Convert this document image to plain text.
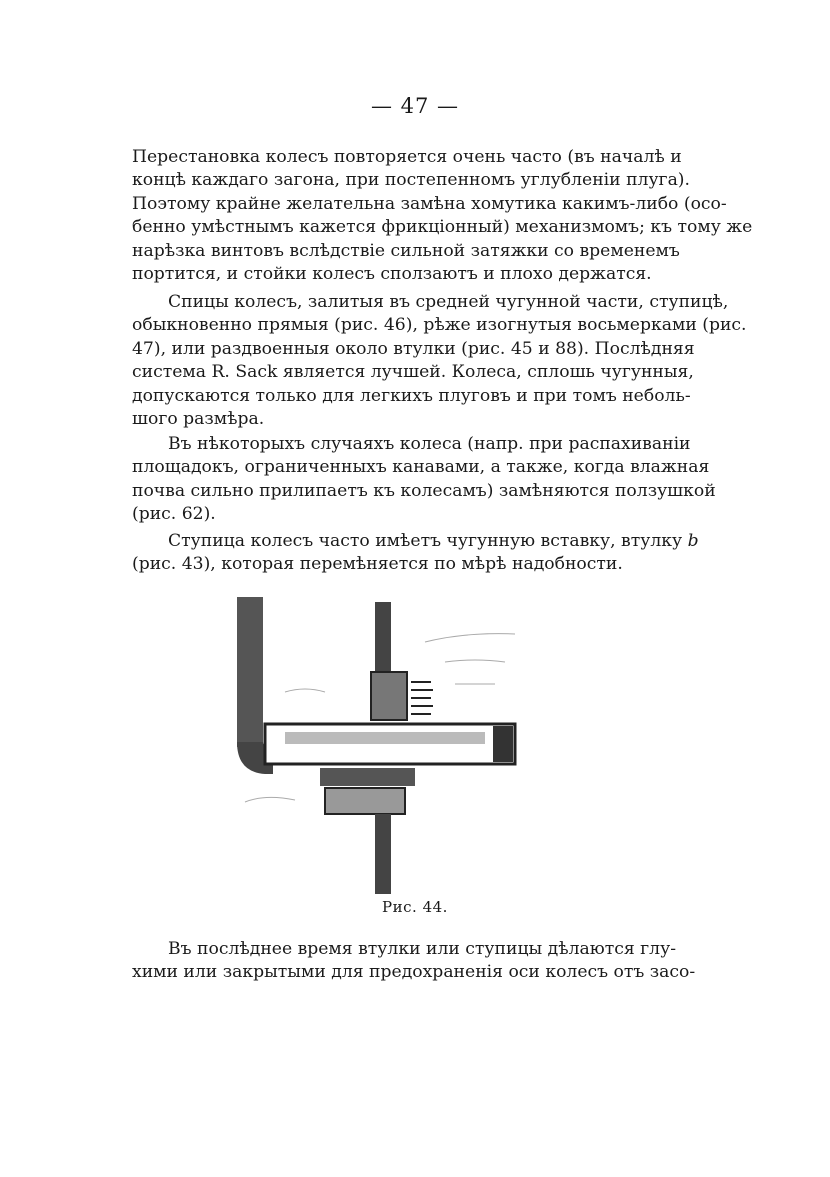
— 47 —
Перестановка колесъ повторяется очень часто (въ началѣ и
концѣ каждаго загона, при постепенномъ углубленіи плуга).
Поэтому крайне желательна замѣна хомутика какимъ-либо (осо-
бенно умѣстнымъ кажется фрикціонный) механизмомъ; къ тому же
нарѣзка винтовъ вслѣдствіе сильной затяжки со временемъ
портится, и стойки колесъ сползаютъ и плохо держатся.
Спицы колесъ, залитыя въ средней чугунной части, ступицѣ,
обыкновенно прямыя (рис. 46), рѣже изогнутыя восьмерками (рис.
47), или раздвоенныя около втулки (рис. 45 и 88). Послѣдняя
система R. Sack является лучшей. Колеса, сплошь чугунныя,
допускаются только для легкихъ плуговъ и при томъ неболь-
шого размѣра.
Въ нѣкоторыхъ случаяхъ колеса (напр. при распахиваніи
площадокъ, ограниченныхъ канавами, а также, когда влажная
почва сильно прилипаетъ къ колесамъ) замѣняются ползушкой
(рис. 62).
Ступица колесъ часто имѣетъ чугунную вставку, втулку b
(рис. 43), которая перемѣняется по мѣрѣ надобности.
Рис. 44.
Въ послѣднее время втулки или ступицы дѣлаются глу-
хими или закрытыми для предохраненія оси колесъ отъ засо-
